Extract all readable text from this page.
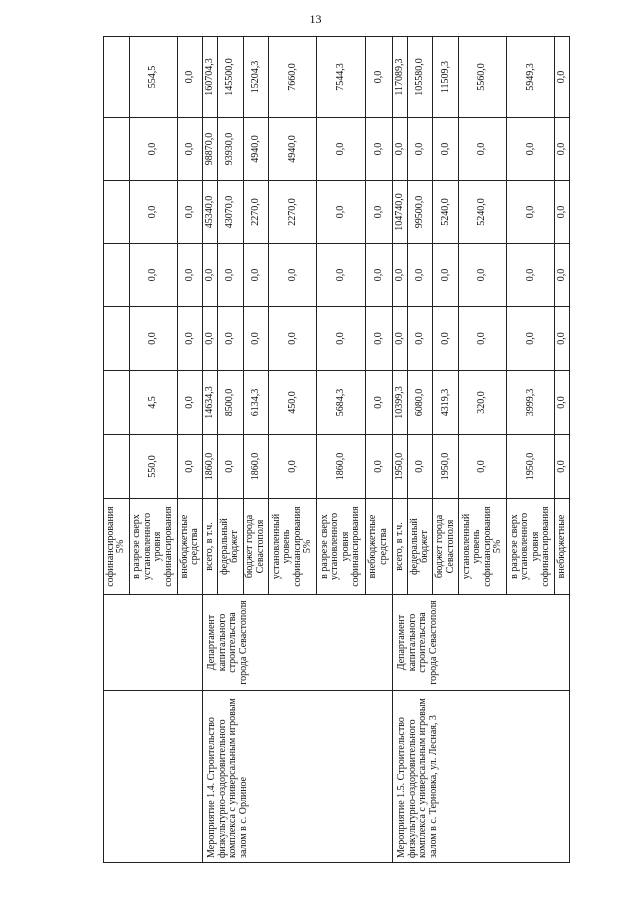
13
		софинансирования 5%							
		в разрезе сверх установленного уровня софинансирования	550,0	4,5	0,0	0,0	0,0	0,0	554,5
		внебюджетные средства	0,0	0,0	0,0	0,0	0,0	0,0	0,0
Мероприятие 1.4. Строительство физкультурно-оздоровительного комплекса с универсальным игровым залом в с. Орлиное	Департамент капитального строительства города Севастополя	всего, в т.ч.	1860,0	14634,3	0,0	0,0	45340,0	98870,0	160704,3
		федеральный бюджет	0,0	8500,0	0,0	0,0	43070,0	93930,0	145500,0
		бюджет города Севастополя	1860,0	6134,3	0,0	0,0	2270,0	4940,0	15204,3
		установленный уровень софинансирования 5%	0,0	450,0	0,0	0,0	2270,0	4940,0	7660,0
		в разрезе сверх установленного уровня софинансирования	1860,0	5684,3	0,0	0,0	0,0	0,0	7544,3
		внебюджетные средства	0,0	0,0	0,0	0,0	0,0	0,0	0,0
Мероприятие 1.5. Строительство физкультурно-оздоровительного комплекса с универсальным игровым залом в с. Терновка, ул. Лесная, 3	Департамент капитального строительства города Севастополя	всего, в т.ч.	1950,0	10399,3	0,0	0,0	104740,0	0,0	117089,3
		федеральный бюджет	0,0	6080,0	0,0	0,0	99500,0	0,0	105580,0
		бюджет города Севастополя	1950,0	4319,3	0,0	0,0	5240,0	0,0	11509,3
		установленный уровень софинансирования 5%	0,0	320,0	0,0	0,0	5240,0	0,0	5560,0
		в разрезе сверх установленного уровня софинансирования	1950,0	3999,3	0,0	0,0	0,0	0,0	5949,3
		внебюджетные	0,0	0,0	0,0	0,0	0,0	0,0	0,0
